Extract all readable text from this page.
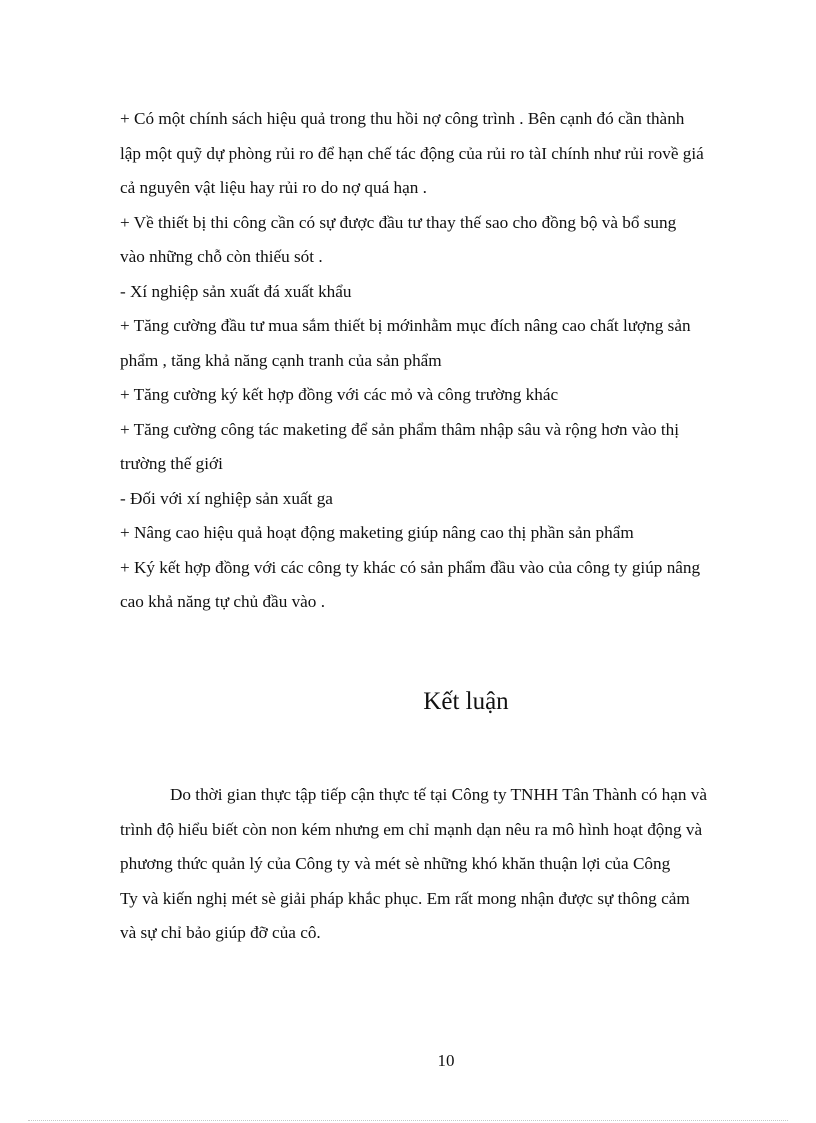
+ Có một chính sách hiệu quả trong thu hồi nợ công trình . Bên cạnh đó cần thành
lập một quỹ dự phòng rủi ro để hạn chế tác động của rủi ro tàI chính như rủi rovề giá
cả nguyên vật liệu hay rủi ro do nợ quá hạn .
+ Về thiết bị thi công cần có sự được đầu tư thay thế sao cho đồng bộ và bổ sung
vào những chỗ còn thiếu sót .
- Xí nghiệp sản xuất đá xuất khẩu
+ Tăng cường đầu tư mua sắm thiết bị mớinhằm mục đích nâng cao chất lượng sản
phẩm , tăng khả năng cạnh tranh của sản phẩm
+ Tăng cường ký kết hợp đồng với các mỏ và công trường khác
+ Tăng cường công tác maketing để sản phẩm thâm nhập sâu và rộng hơn vào thị
trường thế giới
- Đối với xí nghiệp sản xuất ga
+ Nâng cao hiệu quả hoạt động maketing giúp nâng cao thị phần sản phẩm
+ Ký kết hợp đồng với các công ty khác có sản phẩm đầu vào của công ty giúp nâng
cao khả năng tự chủ đầu vào .
Kết luận
Do thời gian thực tập tiếp cận thực tế tại Công ty TNHH Tân Thành có hạn và
trình độ hiểu biết còn non kém nhưng em chỉ mạnh dạn nêu ra mô hình hoạt động và
phương thức quản lý của Công ty và mét sè những khó khăn thuận lợi của Công
Ty và kiến nghị mét sè giải pháp khắc phục. Em rất mong nhận được sự thông cảm
và sự chỉ bảo giúp đỡ của cô.
10
